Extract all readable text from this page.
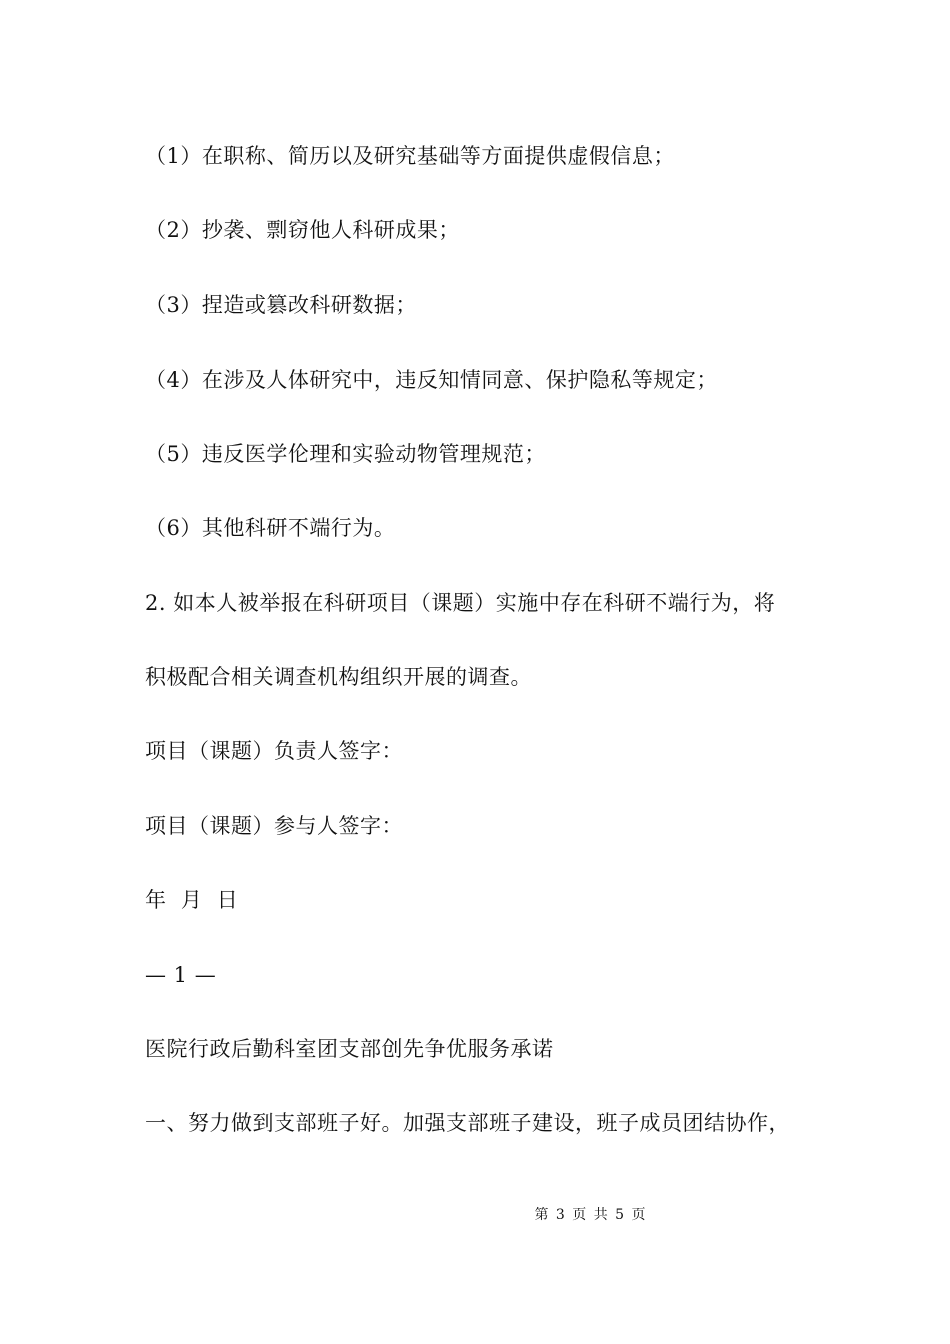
（1）在职称、简历以及研究基础等方面提供虚假信息；
（2）抄袭、剽窃他人科研成果；
（3）捏造或篡改科研数据；
（4）在涉及人体研究中，违反知情同意、保护隐私等规定；
（5）违反医学伦理和实验动物管理规范；
（6）其他科研不端行为。
2. 如本人被举报在科研项目（课题）实施中存在科研不端行为，将
积极配合相关调查机构组织开展的调查。
项目（课题）负责人签字：
项目（课题）参与人签字：
年  月  日
— 1 —
医院行政后勤科室团支部创先争优服务承诺
一、努力做到支部班子好。加强支部班子建设，班子成员团结协作，
第 3 页 共 5 页
